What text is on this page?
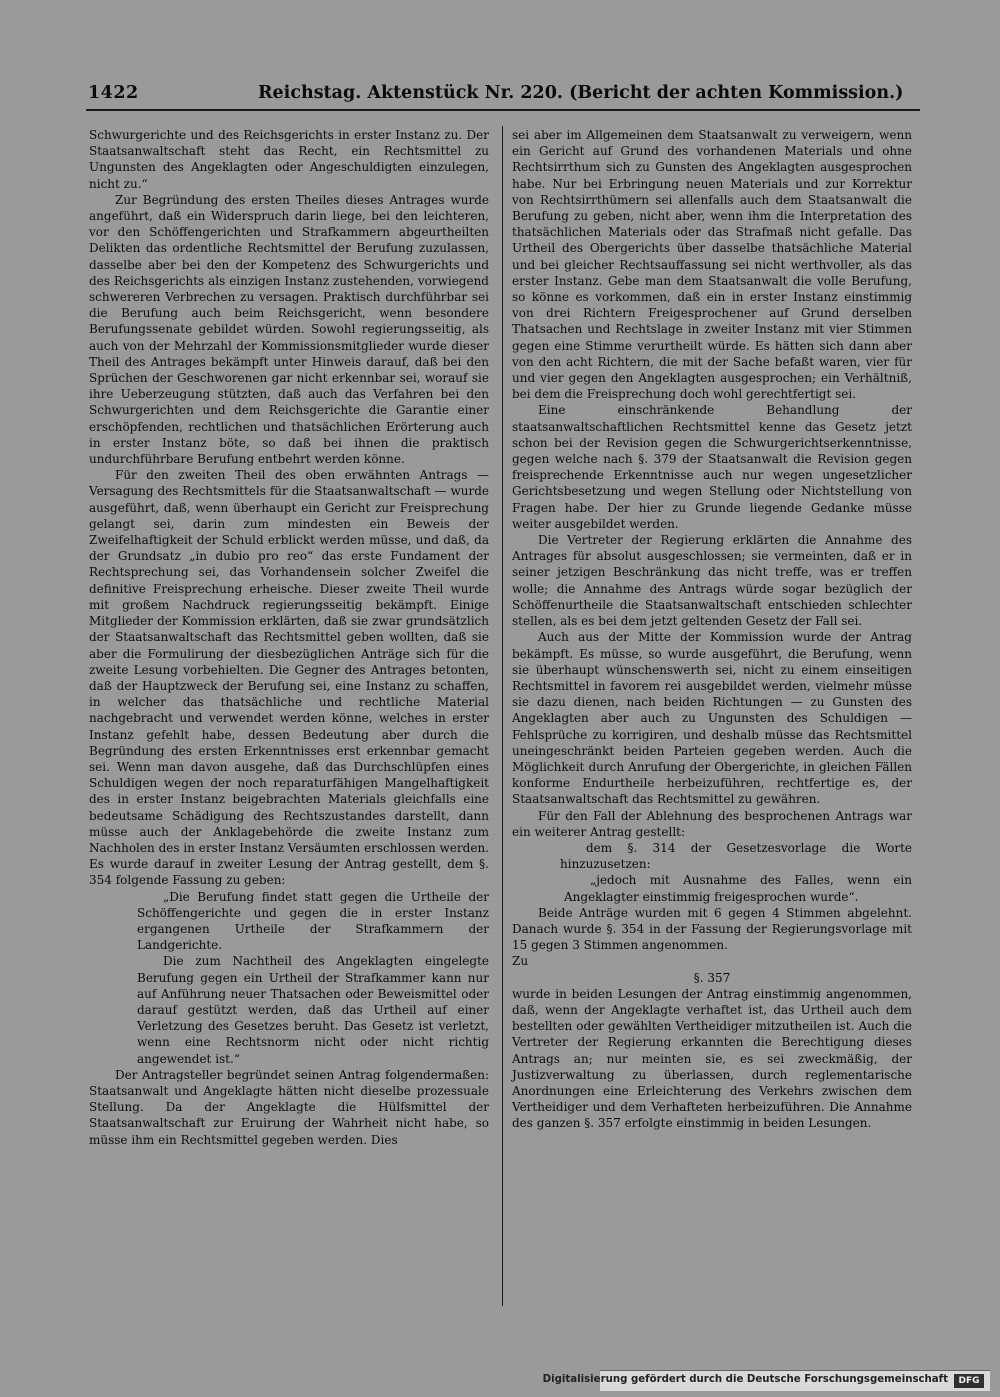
1422	Reichstag. Aktenstück Nr. 220. (Bericht der achten Kommission.)

Schwurgerichte und des Reichsgerichts in erster Instanz zu. Der Staatsanwaltschaft steht das Recht, ein Rechtsmittel zu Ungunsten des Angeklagten oder Angeschuldigten einzulegen, nicht zu.“

Zur Begründung des ersten Theiles dieses Antrages wurde angeführt, daß ein Widerspruch darin liege, bei den leichteren, vor den Schöffengerichten und Strafkammern abgeurtheilten Delikten das ordentliche Rechtsmittel der Berufung zuzulassen, dasselbe aber bei den der Kompetenz des Schwurgerichts und des Reichsgerichts als einzigen Instanz zustehenden, vorwiegend schwereren Verbrechen zu versagen. Praktisch durchführbar sei die Berufung auch beim Reichsgericht, wenn besondere Berufungssenate gebildet würden. Sowohl regierungsseitig, als auch von der Mehrzahl der Kommissionsmitglieder wurde dieser Theil des Antrages bekämpft unter Hinweis darauf, daß bei den Sprüchen der Geschworenen gar nicht erkennbar sei, worauf sie ihre Ueberzeugung stützten, daß auch das Verfahren bei den Schwurgerichten und dem Reichsgerichte die Garantie einer erschöpfenden, rechtlichen und thatsächlichen Erörterung auch in erster Instanz böte, so daß bei ihnen die praktisch undurchführbare Berufung entbehrt werden könne.

Für den zweiten Theil des oben erwähnten Antrags — Versagung des Rechtsmittels für die Staatsanwaltschaft — wurde ausgeführt, daß, wenn überhaupt ein Gericht zur Freisprechung gelangt sei, darin zum mindesten ein Beweis der Zweifelhaftigkeit der Schuld erblickt werden müsse, und daß, da der Grundsatz „in dubio pro reo“ das erste Fundament der Rechtsprechung sei, das Vorhandensein solcher Zweifel die definitive Freisprechung erheische. Dieser zweite Theil wurde mit großem Nachdruck regierungsseitig bekämpft. Einige Mitglieder der Kommission erklärten, daß sie zwar grundsätzlich der Staatsanwaltschaft das Rechtsmittel geben wollten, daß sie aber die Formulirung der diesbezüglichen Anträge sich für die zweite Lesung vorbehielten. Die Gegner des Antrages betonten, daß der Hauptzweck der Berufung sei, eine Instanz zu schaffen, in welcher das thatsächliche und rechtliche Material nachgebracht und verwendet werden könne, welches in erster Instanz gefehlt habe, dessen Bedeutung aber durch die Begründung des ersten Erkenntnisses erst erkennbar gemacht sei. Wenn man davon ausgehe, daß das Durchschlüpfen eines Schuldigen wegen der noch reparaturfähigen Mangelhaftigkeit des in erster Instanz beigebrachten Materials gleichfalls eine bedeutsame Schädigung des Rechtszustandes darstellt, dann müsse auch der Anklagebehörde die zweite Instanz zum Nachholen des in erster Instanz Versäumten erschlossen werden. Es wurde darauf in zweiter Lesung der Antrag gestellt, dem §. 354 folgende Fassung zu geben:

„Die Berufung findet statt gegen die Urtheile der Schöffengerichte und gegen die in erster Instanz ergangenen Urtheile der Strafkammern der Landgerichte.

Die zum Nachtheil des Angeklagten eingelegte Berufung gegen ein Urtheil der Strafkammer kann nur auf Anführung neuer Thatsachen oder Beweismittel oder darauf gestützt werden, daß das Urtheil auf einer Verletzung des Gesetzes beruht. Das Gesetz ist verletzt, wenn eine Rechtsnorm nicht oder nicht richtig angewendet ist.“

Der Antragsteller begründet seinen Antrag folgendermaßen: Staatsanwalt und Angeklagte hätten nicht dieselbe prozessuale Stellung. Da der Angeklagte die Hülfsmittel der Staatsanwaltschaft zur Eruirung der Wahrheit nicht habe, so müsse ihm ein Rechtsmittel gegeben werden. Dies

sei aber im Allgemeinen dem Staatsanwalt zu verweigern, wenn ein Gericht auf Grund des vorhandenen Materials und ohne Rechtsirrthum sich zu Gunsten des Angeklagten ausgesprochen habe. Nur bei Erbringung neuen Materials und zur Korrektur von Rechtsirrthümern sei allenfalls auch dem Staatsanwalt die Berufung zu geben, nicht aber, wenn ihm die Interpretation des thatsächlichen Materials oder das Strafmaß nicht gefalle. Das Urtheil des Obergerichts über dasselbe thatsächliche Material und bei gleicher Rechtsauffassung sei nicht werthvoller, als das erster Instanz. Gebe man dem Staatsanwalt die volle Berufung, so könne es vorkommen, daß ein in erster Instanz einstimmig von drei Richtern Freigesprochener auf Grund derselben Thatsachen und Rechtslage in zweiter Instanz mit vier Stimmen gegen eine Stimme verurtheilt würde. Es hätten sich dann aber von den acht Richtern, die mit der Sache befaßt waren, vier für und vier gegen den Angeklagten ausgesprochen; ein Verhältniß, bei dem die Freisprechung doch wohl gerechtfertigt sei.

Eine einschränkende Behandlung der staatsanwaltschaftlichen Rechtsmittel kenne das Gesetz jetzt schon bei der Revision gegen die Schwurgerichtserkenntnisse, gegen welche nach §. 379 der Staatsanwalt die Revision gegen freisprechende Erkenntnisse auch nur wegen ungesetzlicher Gerichtsbesetzung und wegen Stellung oder Nichtstellung von Fragen habe. Der hier zu Grunde liegende Gedanke müsse weiter ausgebildet werden.

Die Vertreter der Regierung erklärten die Annahme des Antrages für absolut ausgeschlossen; sie vermeinten, daß er in seiner jetzigen Beschränkung das nicht treffe, was er treffen wolle; die Annahme des Antrags würde sogar bezüglich der Schöffenurtheile die Staatsanwaltschaft entschieden schlechter stellen, als es bei dem jetzt geltenden Gesetz der Fall sei.

Auch aus der Mitte der Kommission wurde der Antrag bekämpft. Es müsse, so wurde ausgeführt, die Berufung, wenn sie überhaupt wünschenswerth sei, nicht zu einem einseitigen Rechtsmittel in favorem rei ausgebildet werden, vielmehr müsse sie dazu dienen, nach beiden Richtungen — zu Gunsten des Angeklagten aber auch zu Ungunsten des Schuldigen — Fehlsprüche zu korrigiren, und deshalb müsse das Rechtsmittel uneingeschränkt beiden Parteien gegeben werden. Auch die Möglichkeit durch Anrufung der Obergerichte, in gleichen Fällen konforme Endurtheile herbeizuführen, rechtfertige es, der Staatsanwaltschaft das Rechtsmittel zu gewähren.

Für den Fall der Ablehnung des besprochenen Antrags war ein weiterer Antrag gestellt:

dem §. 314 der Gesetzesvorlage die Worte hinzuzusetzen:

„jedoch mit Ausnahme des Falles, wenn ein Angeklagter einstimmig freigesprochen wurde“.

Beide Anträge wurden mit 6 gegen 4 Stimmen abgelehnt. Danach wurde §. 354 in der Fassung der Regierungsvorlage mit 15 gegen 3 Stimmen angenommen.

Zu

§. 357

wurde in beiden Lesungen der Antrag einstimmig angenommen, daß, wenn der Angeklagte verhaftet ist, das Urtheil auch dem bestellten oder gewählten Vertheidiger mitzutheilen ist. Auch die Vertreter der Regierung erkannten die Berechtigung dieses Antrags an; nur meinten sie, es sei zweckmäßig, der Justizverwaltung zu überlassen, durch reglementarische Anordnungen eine Erleichterung des Verkehrs zwischen dem Vertheidiger und dem Verhafteten herbeizuführen. Die Annahme des ganzen §. 357 erfolgte einstimmig in beiden Lesungen.

Digitalisierung gefördert durch die Deutsche Forschungsgemeinschaft	DFG
